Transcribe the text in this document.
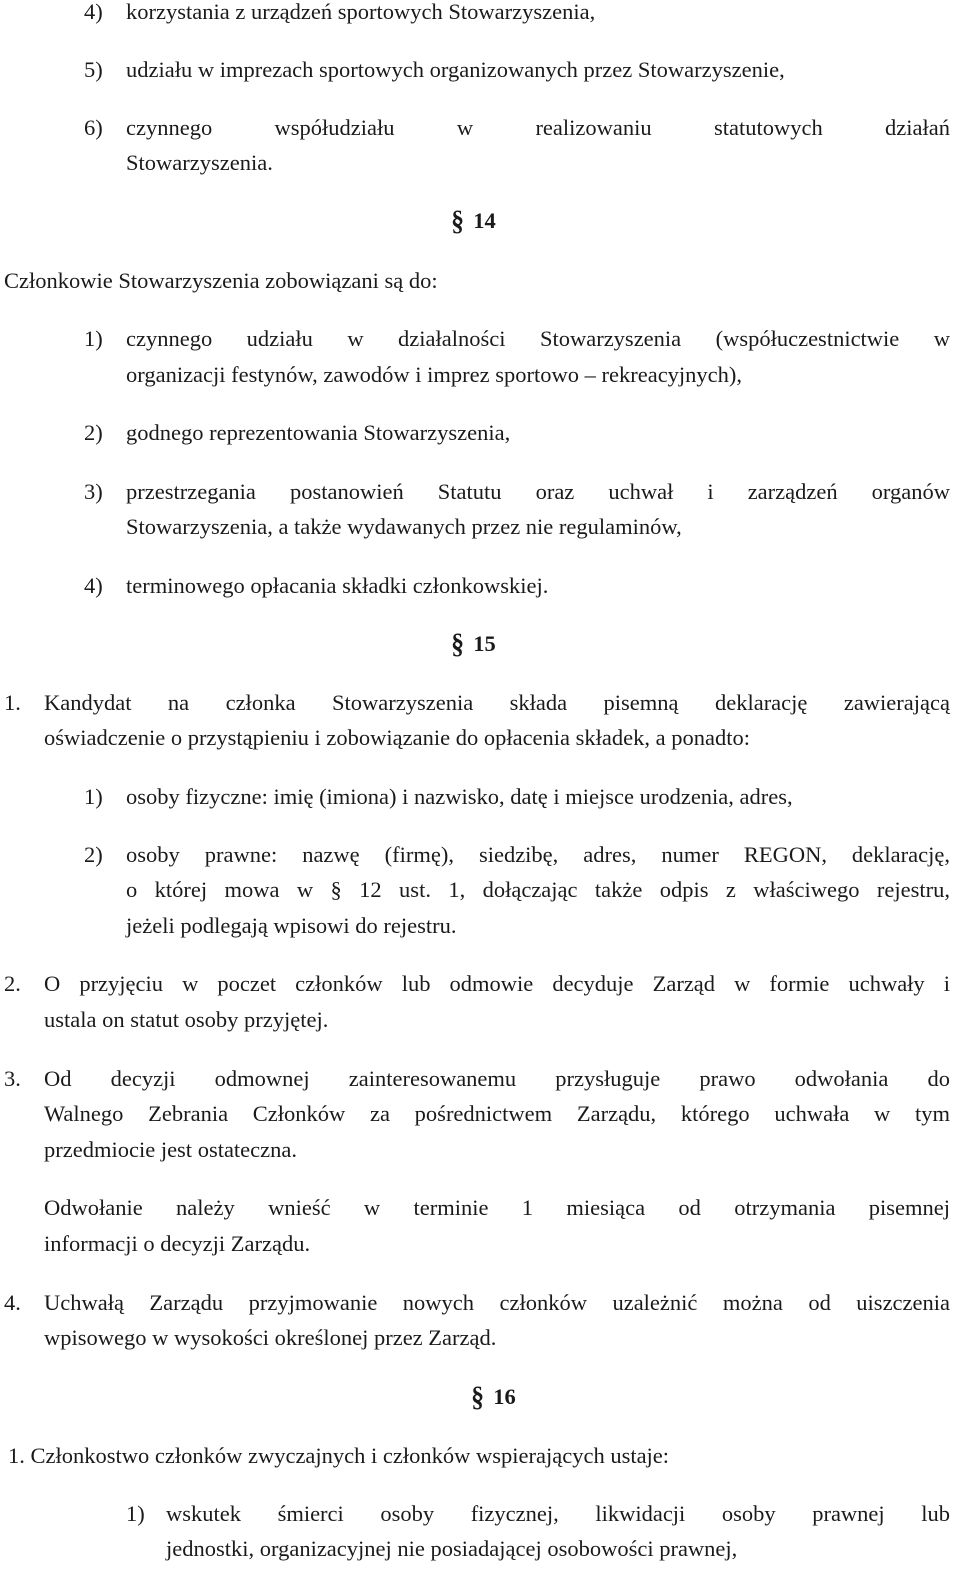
4) korzystania z urządzeń sportowych Stowarzyszenia,
5) udziału w imprezach sportowych organizowanych przez Stowarzyszenie,
6) czynnego współudziału w realizowaniu statutowych działań
Stowarzyszenia.
§ 14
Członkowie Stowarzyszenia zobowiązani są do:
1) czynnego udziału w działalności Stowarzyszenia (współuczestnictwie w
organizacji festynów, zawodów i imprez sportowo – rekreacyjnych),
2) godnego reprezentowania Stowarzyszenia,
3) przestrzegania postanowień Statutu oraz uchwał i zarządzeń organów
Stowarzyszenia, a także wydawanych przez nie regulaminów,
4) terminowego opłacania składki członkowskiej.
§ 15
1. Kandydat na członka Stowarzyszenia składa pisemną deklarację zawierającą
oświadczenie o przystąpieniu i zobowiązanie do opłacenia składek, a ponadto:
1) osoby fizyczne: imię (imiona) i nazwisko, datę i miejsce urodzenia, adres,
2) osoby prawne: nazwę (firmę), siedzibę, adres, numer REGON, deklarację,
o której mowa w § 12 ust. 1, dołączając także odpis z właściwego rejestru,
jeżeli podlegają wpisowi do rejestru.
2. O przyjęciu w poczet członków lub odmowie decyduje Zarząd w formie uchwały i
ustala on statut osoby przyjętej.
3. Od decyzji odmownej zainteresowanemu przysługuje prawo odwołania do
Walnego Zebrania Członków za pośrednictwem Zarządu, którego uchwała w tym
przedmiocie jest ostateczna.
Odwołanie należy wnieść w terminie 1 miesiąca od otrzymania pisemnej
informacji o decyzji Zarządu.
4. Uchwałą Zarządu przyjmowanie nowych członków uzależnić można od uiszczenia
wpisowego w wysokości określonej przez Zarząd.
§ 16
1. Członkostwo członków zwyczajnych i członków wspierających ustaje:
1) wskutek śmierci osoby fizycznej, likwidacji osoby prawnej lub
jednostki, organizacyjnej nie posiadającej osobowości prawnej,
